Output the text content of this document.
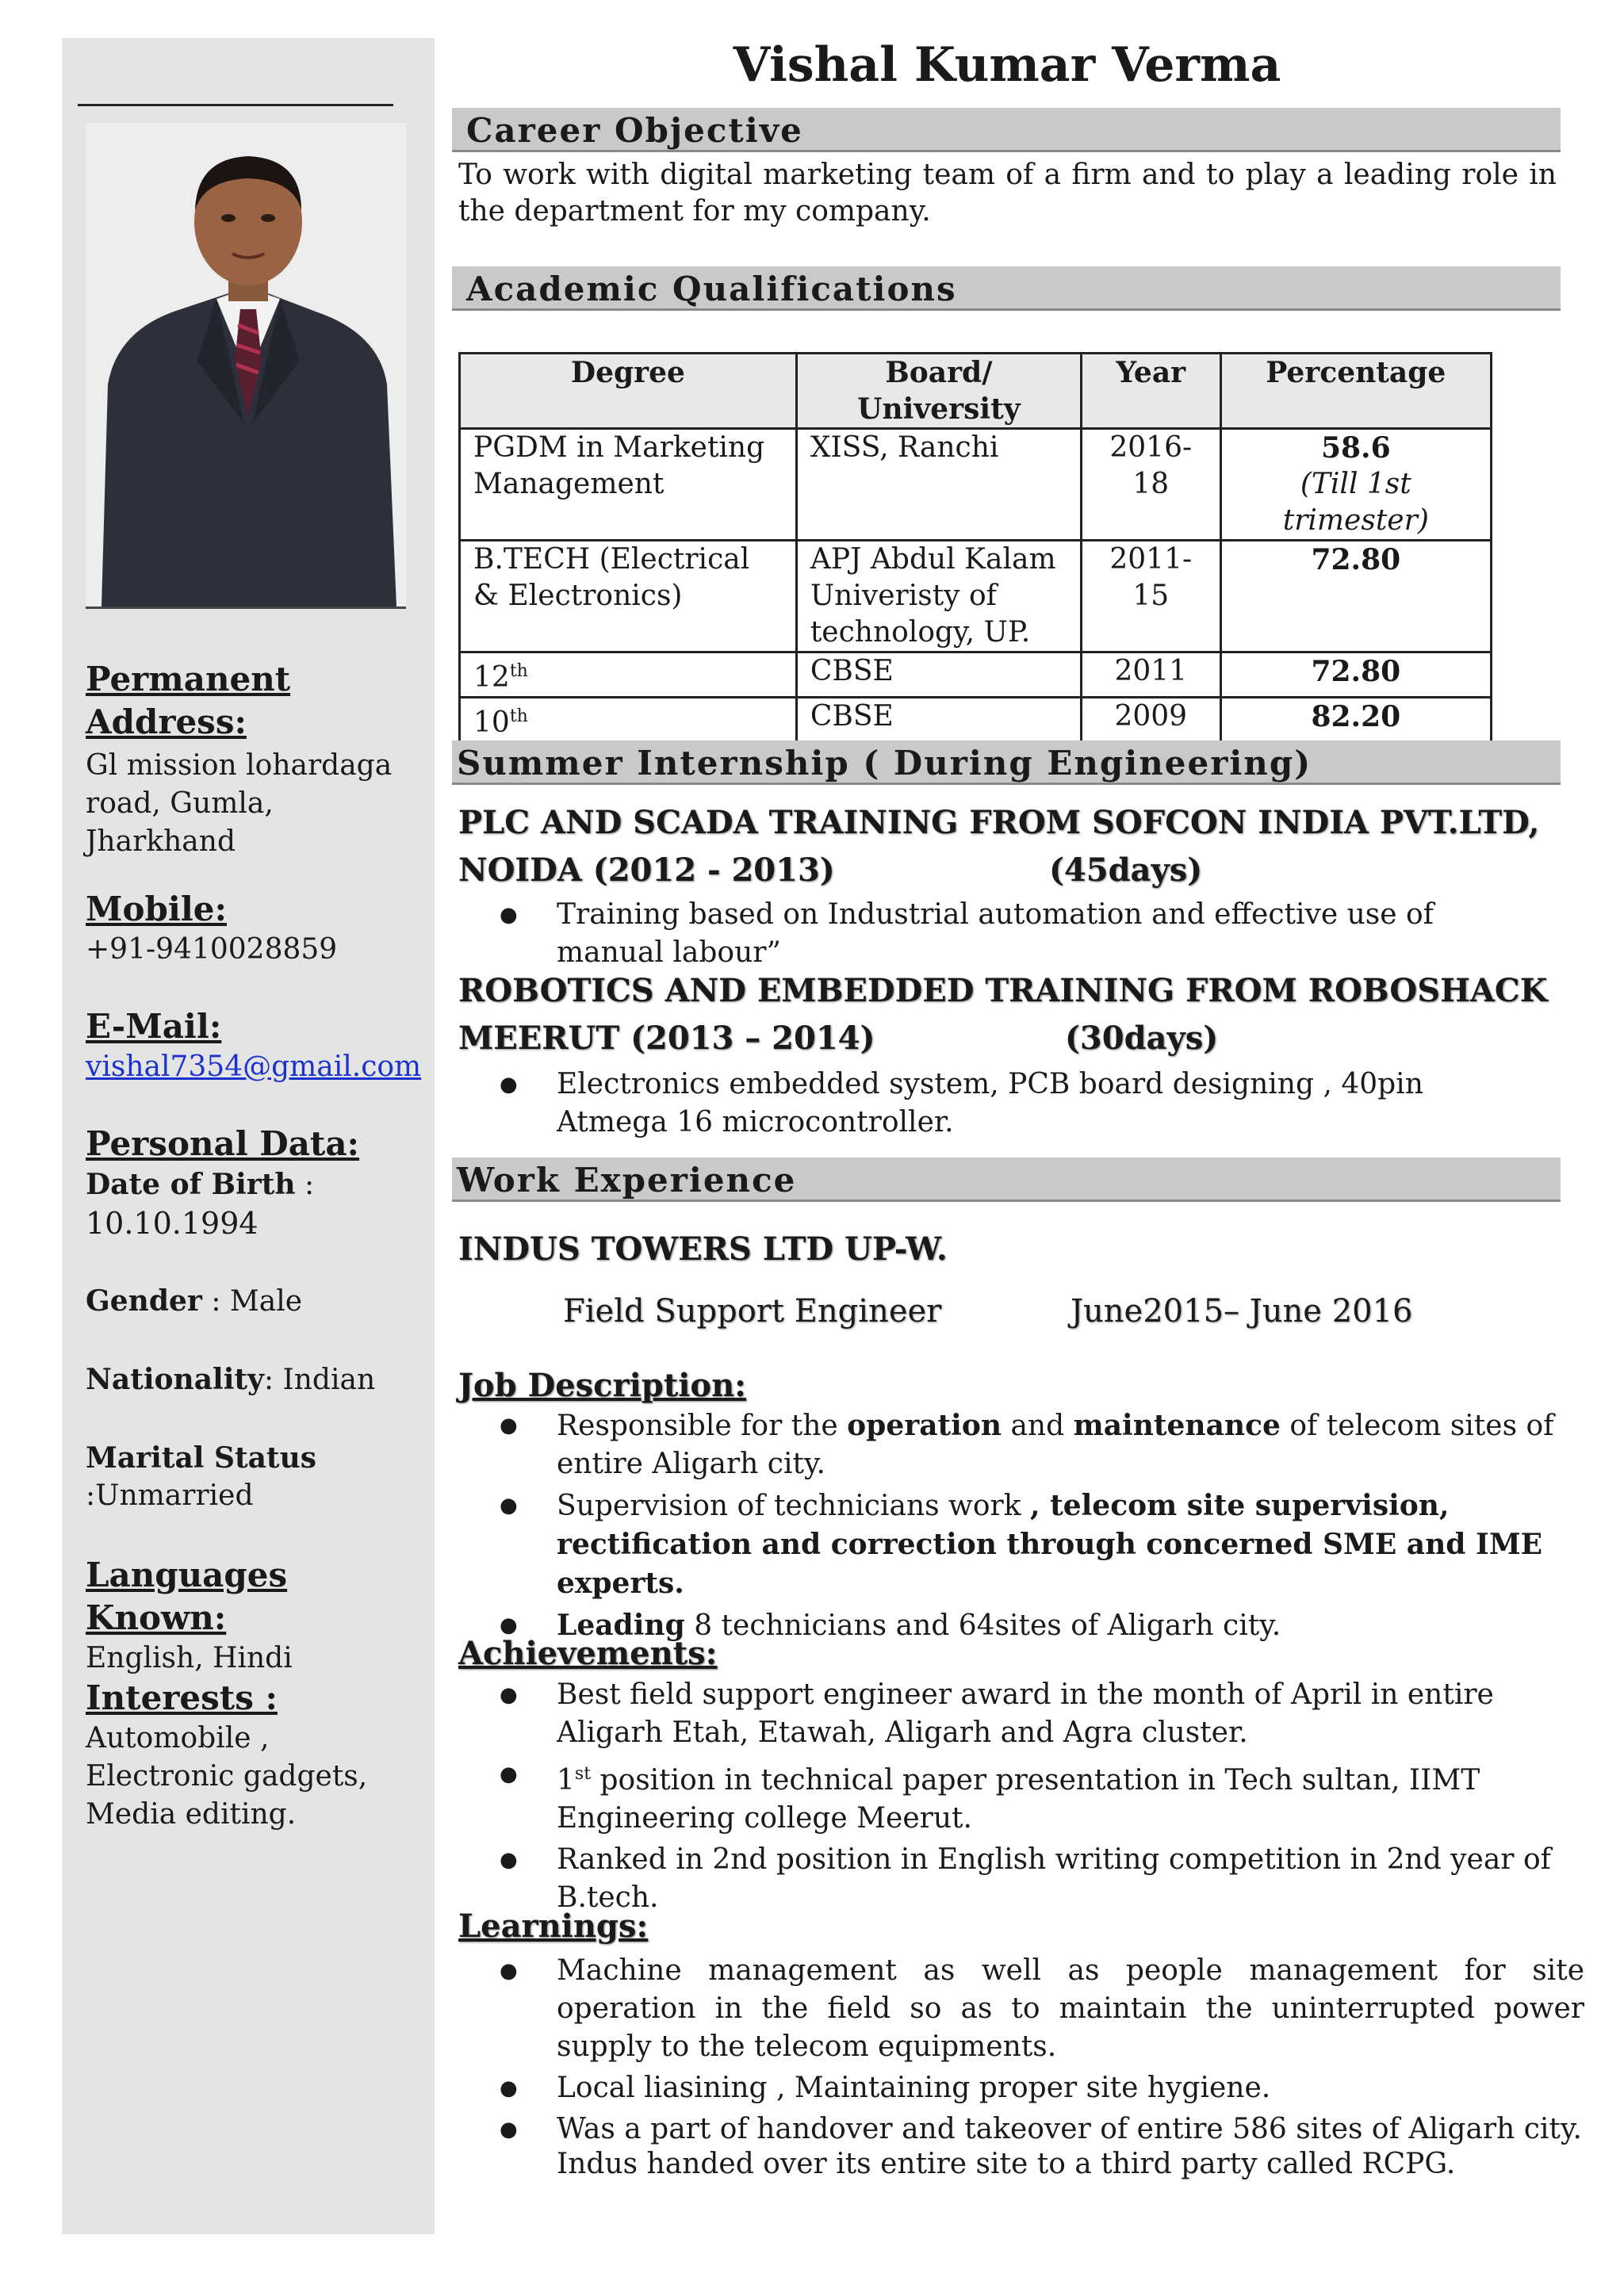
Permanent Address:
Gl mission lohardaga road, Gumla, Jharkhand
Mobile:
+91-9410028859
E-Mail:
vishal7354@gmail.com
Personal Data:
Date of Birth :
10.10.1994
Gender : Male
Nationality: Indian
Marital Status
:Unmarried
Languages Known:
English, Hindi
Interests :
Automobile , Electronic gadgets, Media editing.
Vishal Kumar Verma
Career Objective
To work with digital marketing team of a firm and to play a leading role in the department for my company.
Academic Qualifications
Degree	Board/ University	Year	Percentage
PGDM in Marketing Management	XISS, Ranchi	2016-18	58.6
(Till 1st trimester)

B.TECH (Electrical & Electronics)	APJ Abdul Kalam Univeristy of technology, UP.	2011-15	72.80
12th	CBSE	2011	72.80
10th	CBSE	2009	82.20
Summer Internship ( During Engineering)
PLC AND SCADA TRAINING FROM SOFCON INDIA PVT.LTD,
NOIDA (2012 - 2013)	(45days)
● Training based on Industrial automation and effective use of manual labour”
ROBOTICS AND EMBEDDED TRAINING FROM ROBOSHACK
MEERUT (2013 – 2014)	(30days)
● Electronics embedded system, PCB board designing , 40pin Atmega 16 microcontroller.
Work Experience
INDUS TOWERS LTD UP-W.
Field Support Engineer	June2015– June 2016
Job Description:
● Responsible for the operation and maintenance of telecom sites of entire Aligarh city.
● Supervision of technicians work , telecom site supervision, rectification and correction through concerned SME and IME experts.
● Leading 8 technicians and 64sites of Aligarh city.
Achievements:
● Best field support engineer award in the month of April in entire Aligarh Etah, Etawah, Aligarh and Agra cluster.
● 1st position in technical paper presentation in Tech sultan, IIMT Engineering college Meerut.
● Ranked in 2nd position in English writing competition in 2nd year of B.tech.
Learnings:
● Machine management as well as people management for site operation in the field so as to maintain the uninterrupted power supply to the telecom equipments.
● Local liasining , Maintaining proper site hygiene.
● Was a part of handover and takeover of entire 586 sites of Aligarh city.
Indus handed over its entire site to a third party called RCPG.
